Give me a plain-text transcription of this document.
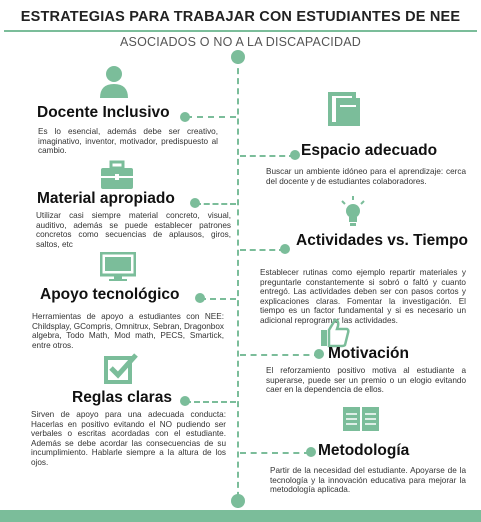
ESTRATEGIAS PARA TRABAJAR CON ESTUDIANTES DE NEE
ASOCIADOS O NO A LA DISCAPACIDAD
Docente Inclusivo
Es lo esencial, además debe ser creativo, imaginativo, inventor, motivador, predispuesto al cambio.	Espacio adecuado
Buscar un ambiente idóneo para el aprendizaje: cerca del docente y de estudiantes colaboradores.
Material apropiado
Utilizar casi siempre material concreto, visual, auditivo, además se puede establecer patrones concretos como secuencias de aplausos, giros, saltos, etc	Actividades vs. Tiempo
Establecer rutinas como ejemplo repartir materiales y preguntarle constantemente si sobró o faltó y cuanto entregó. Las actividades deben ser con pasos cortos y explicaciones claras. Fomentar la investigación. El tiempo es un factor fundamental y si es necesario un adicional reprogramar las actividades.
Apoyo tecnológico
Herramientas de apoyo a estudiantes con NEE: Childsplay, GCompris, Omnitrux, Sebran, Dragonbox algebra, Todo Math, Mod math, PECS, Smartick, entre otros.	Motivación
El reforzamiento positivo motiva al estudiante a superarse, puede ser un premio o un elogio evitando caer en la dependencia de ellos.
Reglas claras
Sirven de apoyo para una adecuada conducta: Hacerlas en positivo evitando el NO pudiendo ser verbales o escritas acordadas con el estudiante. Además se debe acordar las consecuencias de su incumplimiento. Hablarle siempre a la altura de los ojos.
Metodología
Partir de la necesidad del estudiante. Apoyarse de la tecnología y la innovación educativa para mejorar la metodología aplicada.
